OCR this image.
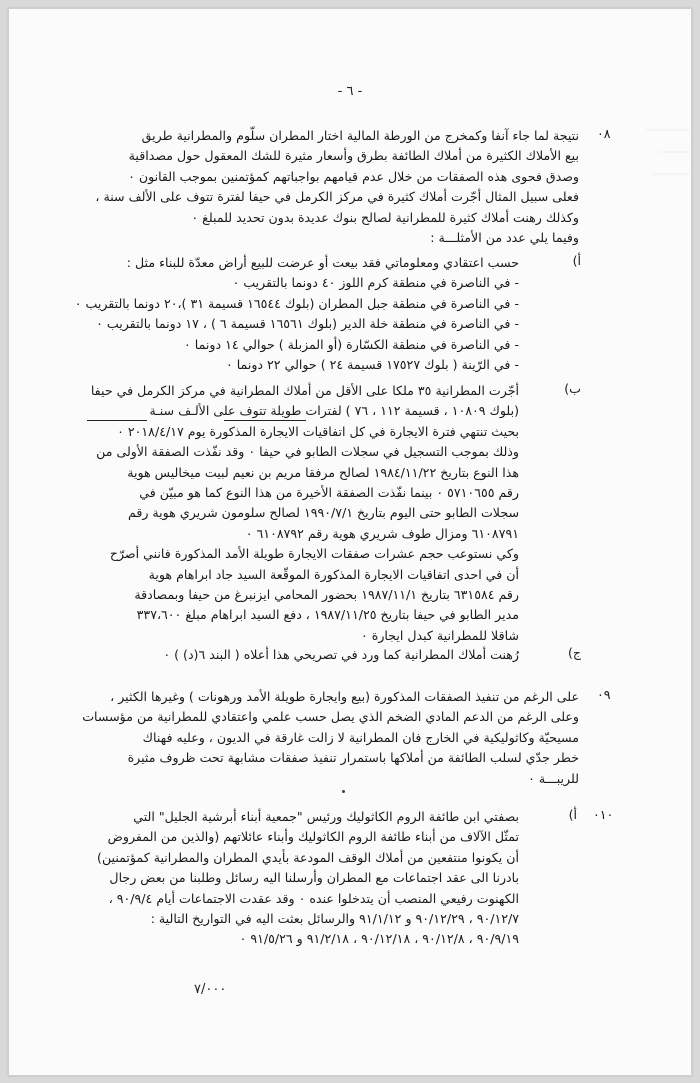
──────
────
─────

- ٦ -
٠٨
نتيجة لما جاء آنفا وكمخرج من الورطة المالية اختار المطران سلّوم والمطرانية طريق
بيع الأملاك الكثيرة من أملاك الطائفة بطرق وأسعار مثيرة للشك المعقول حول مصداقية
وصدق فحوى هذه الصفقات من خلال عدم قيامهم بواجباتهم كمؤتمنين بموجب القانون ٠
فعلى سبيل المثال أجّرت أملاك كثيرة في مركز الكرمل في حيفا لفترة تتوف على الألف سنة ،
وكذلك رهنت أملاك كثيرة للمطرانية لصالح بنوك عديدة بدون تحديد للمبلغ ٠
وفيما يلي عدد من الأمثلـــة :
أ)
حسب اعتقادي ومعلوماتي فقد بيعت أو عرضت للبيع أراض معدّة للبناء مثل :
- في الناصرة في منطقة كرم اللوز ٤٠ دونما بالتقريب ٠
- في الناصرة في منطقة جبل المطران (بلوك ١٦٥٤٤ قسيمة ٣١ )،٢٠ دونما بالتقريب ٠
- في الناصرة في منطقة خلة الدير (بلوك ١٦٥٦١ قسيمة ٦ ) ، ١٧ دونما بالتقريب ٠
- في الناصرة في منطقة الكسّارة (أو المزبلة ) حوالي ١٤ دونما ٠
- في الرّينة ( بلوك ١٧٥٢٧ قسيمة ٢٤ ) حوالي ٢٢ دونما ٠
ب)
أجّرت المطرانية ٣٥ ملكا على الأقل من أملاك المطرانية في مركز الكرمل في حيفا
(بلوك ١٠٨٠٩ ، قسيمة ١١٢ ، ٧٦ ) لفترات طويلة تتوف على الألـف سنـة
بحيث تنتهي فترة الايجارة في كل اتفاقيات الايجارة المذكورة يوم ٢٠١٨/٤/١٧ ٠
وذلك بموجب التسجيل في سجلات الطابو في حيفا ٠ وقد نفّذت الصفقة الأولى من
هذا النوع بتاريخ ١٩٨٤/١١/٢٢ لصالح مرفقا مريم بن نعيم لبيت ميخاليس هوية
رقم ٥٧١٠٦٥٥ ٠ بينما نفّذت الصفقة الأخيرة من هذا النوع كما هو مبيّن في
سجلات الطابو حتى اليوم بتاريخ ١٩٩٠/٧/١ لصالح سلومون شريري هوية رقم
٦١٠٨٧٩١ ومزال طوف شريري هوية رقم ٦١٠٨٧٩٢ ٠
وكي نستوعب حجم عشرات صفقات الايجارة طويلة الأمد المذكورة فانني أصرّح
أن في احدى اتفاقيات الايجارة المذكورة الموقّعة السيد جاد ابراهام هوية
رقم ٦٣١٥٨٤ بتاريخ ١٩٨٧/١١/١ بحضور المحامي ايزنبرغ من حيفا وبمصادقة
مدير الطابو في حيفا بتاريخ ١٩٨٧/١١/٢٥ ، دفع السيد ابراهام مبلغ ٣٣٧،٦٠٠
شاقلا للمطرانية كبدل ايجارة ٠
ج)
رُهنت أملاك المطرانية كما ورد في تصريحي هذا أعلاه ( البند ٦(د) ) ٠
٠٩
على الرغم من تنفيذ الصفقات المذكورة (بيع وايجارة طويلة الأمد ورهونات ) وغيرها الكثير ،
وعلى الرغم من الدعم المادي الضخم الذي يصل حسب علمي واعتقادي للمطرانية من مؤسسات
مسيحيّة وكاثوليكية في الخارج فان المطرانية لا زالت غارقة في الديون ، وعليه فهناك
خطر جدّي لسلب الطائفة من أملاكها باستمرار تنفيذ صفقات مشابهة تحت ظروف مثيرة
للريبـــة ٠
٠١٠
أ)
بصفتي ابن طائفة الروم الكاثوليك ورئيس "جمعية أبناء أبرشية الجليل" التي
تمثّل الآلاف من أبناء طائفة الروم الكاثوليك وأبناء عائلاتهم (والذين من المفروض
أن يكونوا منتفعين من أملاك الوقف المودعة بأيدي المطران والمطرانية كمؤتمنين)
بادرنا الى عقد اجتماعات مع المطران وأرسلنا اليه رسائل وطلبنا من بعض رجال
الكهنوت رفيعي المنصب أن يتدخلوا عنده ٠ وقد عقدت الاجتماعات أيام ٩٠/٩/٤ ،
٩٠/١٢/٧ ، ٩٠/١٢/٢٩ و ٩١/١/١٢ والرسائل بعثت اليه في التواريخ التالية :
٩٠/٩/١٩ ، ٩٠/١٢/٨ ، ٩٠/١٢/١٨ ، ٩١/٢/١٨ و ٩١/٥/٢٦ ٠
٧/٠٠٠
